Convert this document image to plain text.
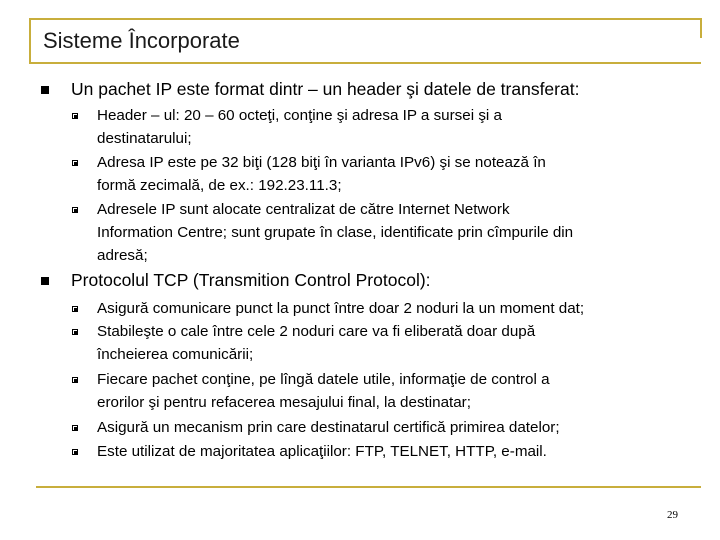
Sisteme Încorporate
Un pachet IP este format dintr – un header şi datele de transferat:
Header – ul: 20 – 60 octeţi, conţine şi adresa IP a sursei şi a
destinatarului;
Adresa IP este pe 32 biţi (128 biţi în varianta IPv6) şi se notează în
formă zecimală, de ex.: 192.23.11.3;
Adresele IP sunt alocate centralizat de către Internet Network
Information Centre; sunt grupate în clase, identificate prin cîmpurile din
adresă;
Protocolul TCP (Transmition Control Protocol):
Asigură comunicare punct la punct între doar 2 noduri la un moment dat;
Stabileşte o cale între cele 2 noduri care va fi eliberată doar după
încheierea comunicării;
Fiecare pachet conţine, pe lîngă datele utile, informaţie de control a
erorilor şi pentru refacerea mesajului final, la destinatar;
Asigură un mecanism prin care destinatarul certifică primirea datelor;
Este utilizat de majoritatea aplicaţiilor: FTP, TELNET, HTTP, e-mail.
29
